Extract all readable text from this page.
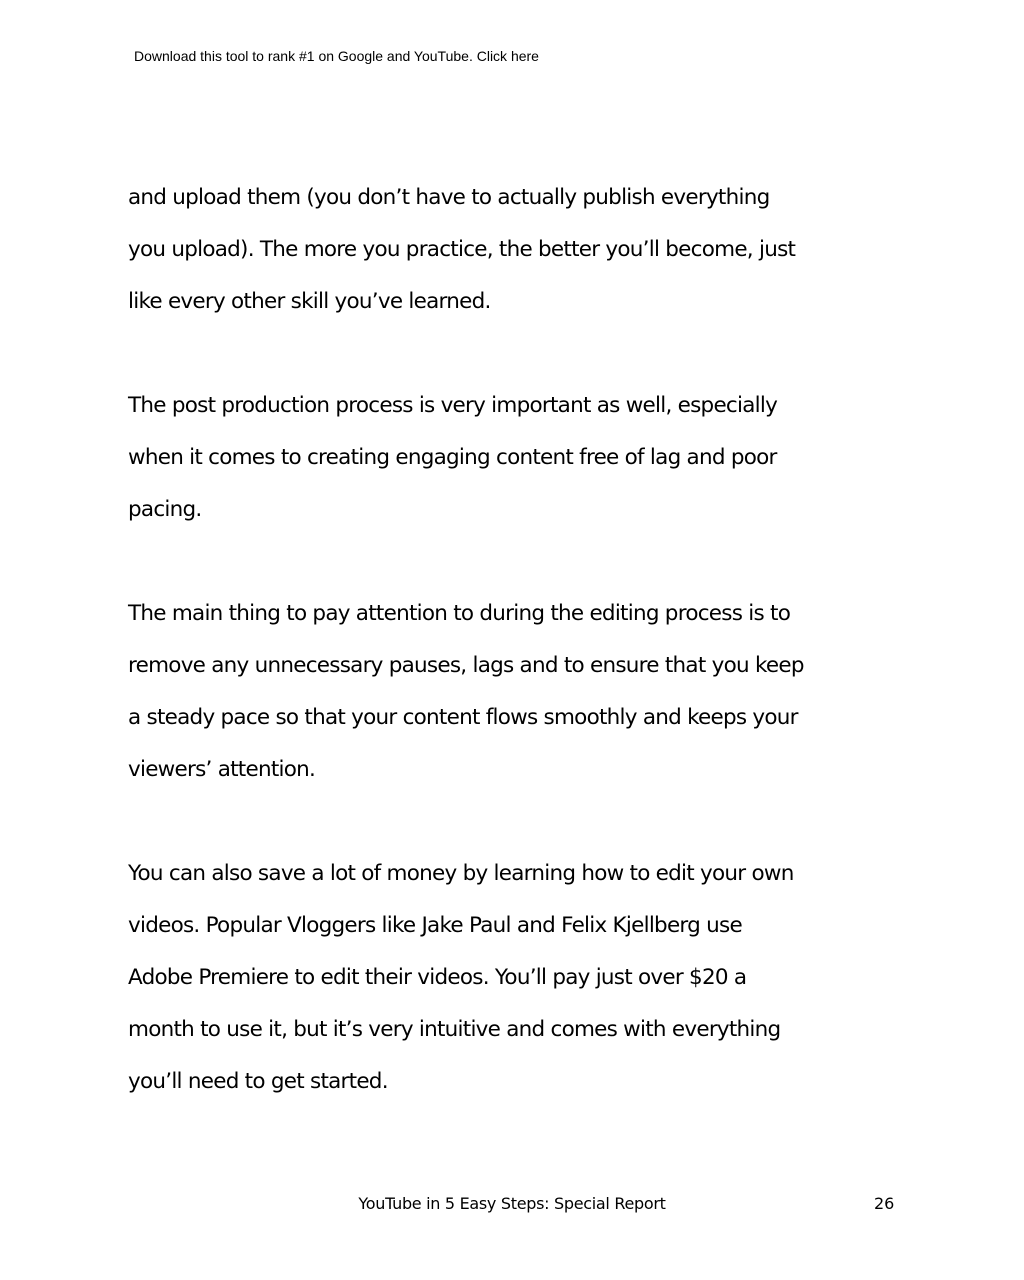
Download this tool to rank #1 on Google and YouTube. Click here

and upload them (you don’t have to actually publish everything
you upload). The more you practice, the better you’ll become, just
like every other skill you’ve learned.

The post production process is very important as well, especially
when it comes to creating engaging content free of lag and poor
pacing.

The main thing to pay attention to during the editing process is to
remove any unnecessary pauses, lags and to ensure that you keep
a steady pace so that your content flows smoothly and keeps your
viewers’ attention.

You can also save a lot of money by learning how to edit your own
videos. Popular Vloggers like Jake Paul and Felix Kjellberg use
Adobe Premiere to edit their videos. You’ll pay just over $20 a
month to use it, but it’s very intuitive and comes with everything
you’ll need to get started.

YouTube in 5 Easy Steps: Special Report	26
